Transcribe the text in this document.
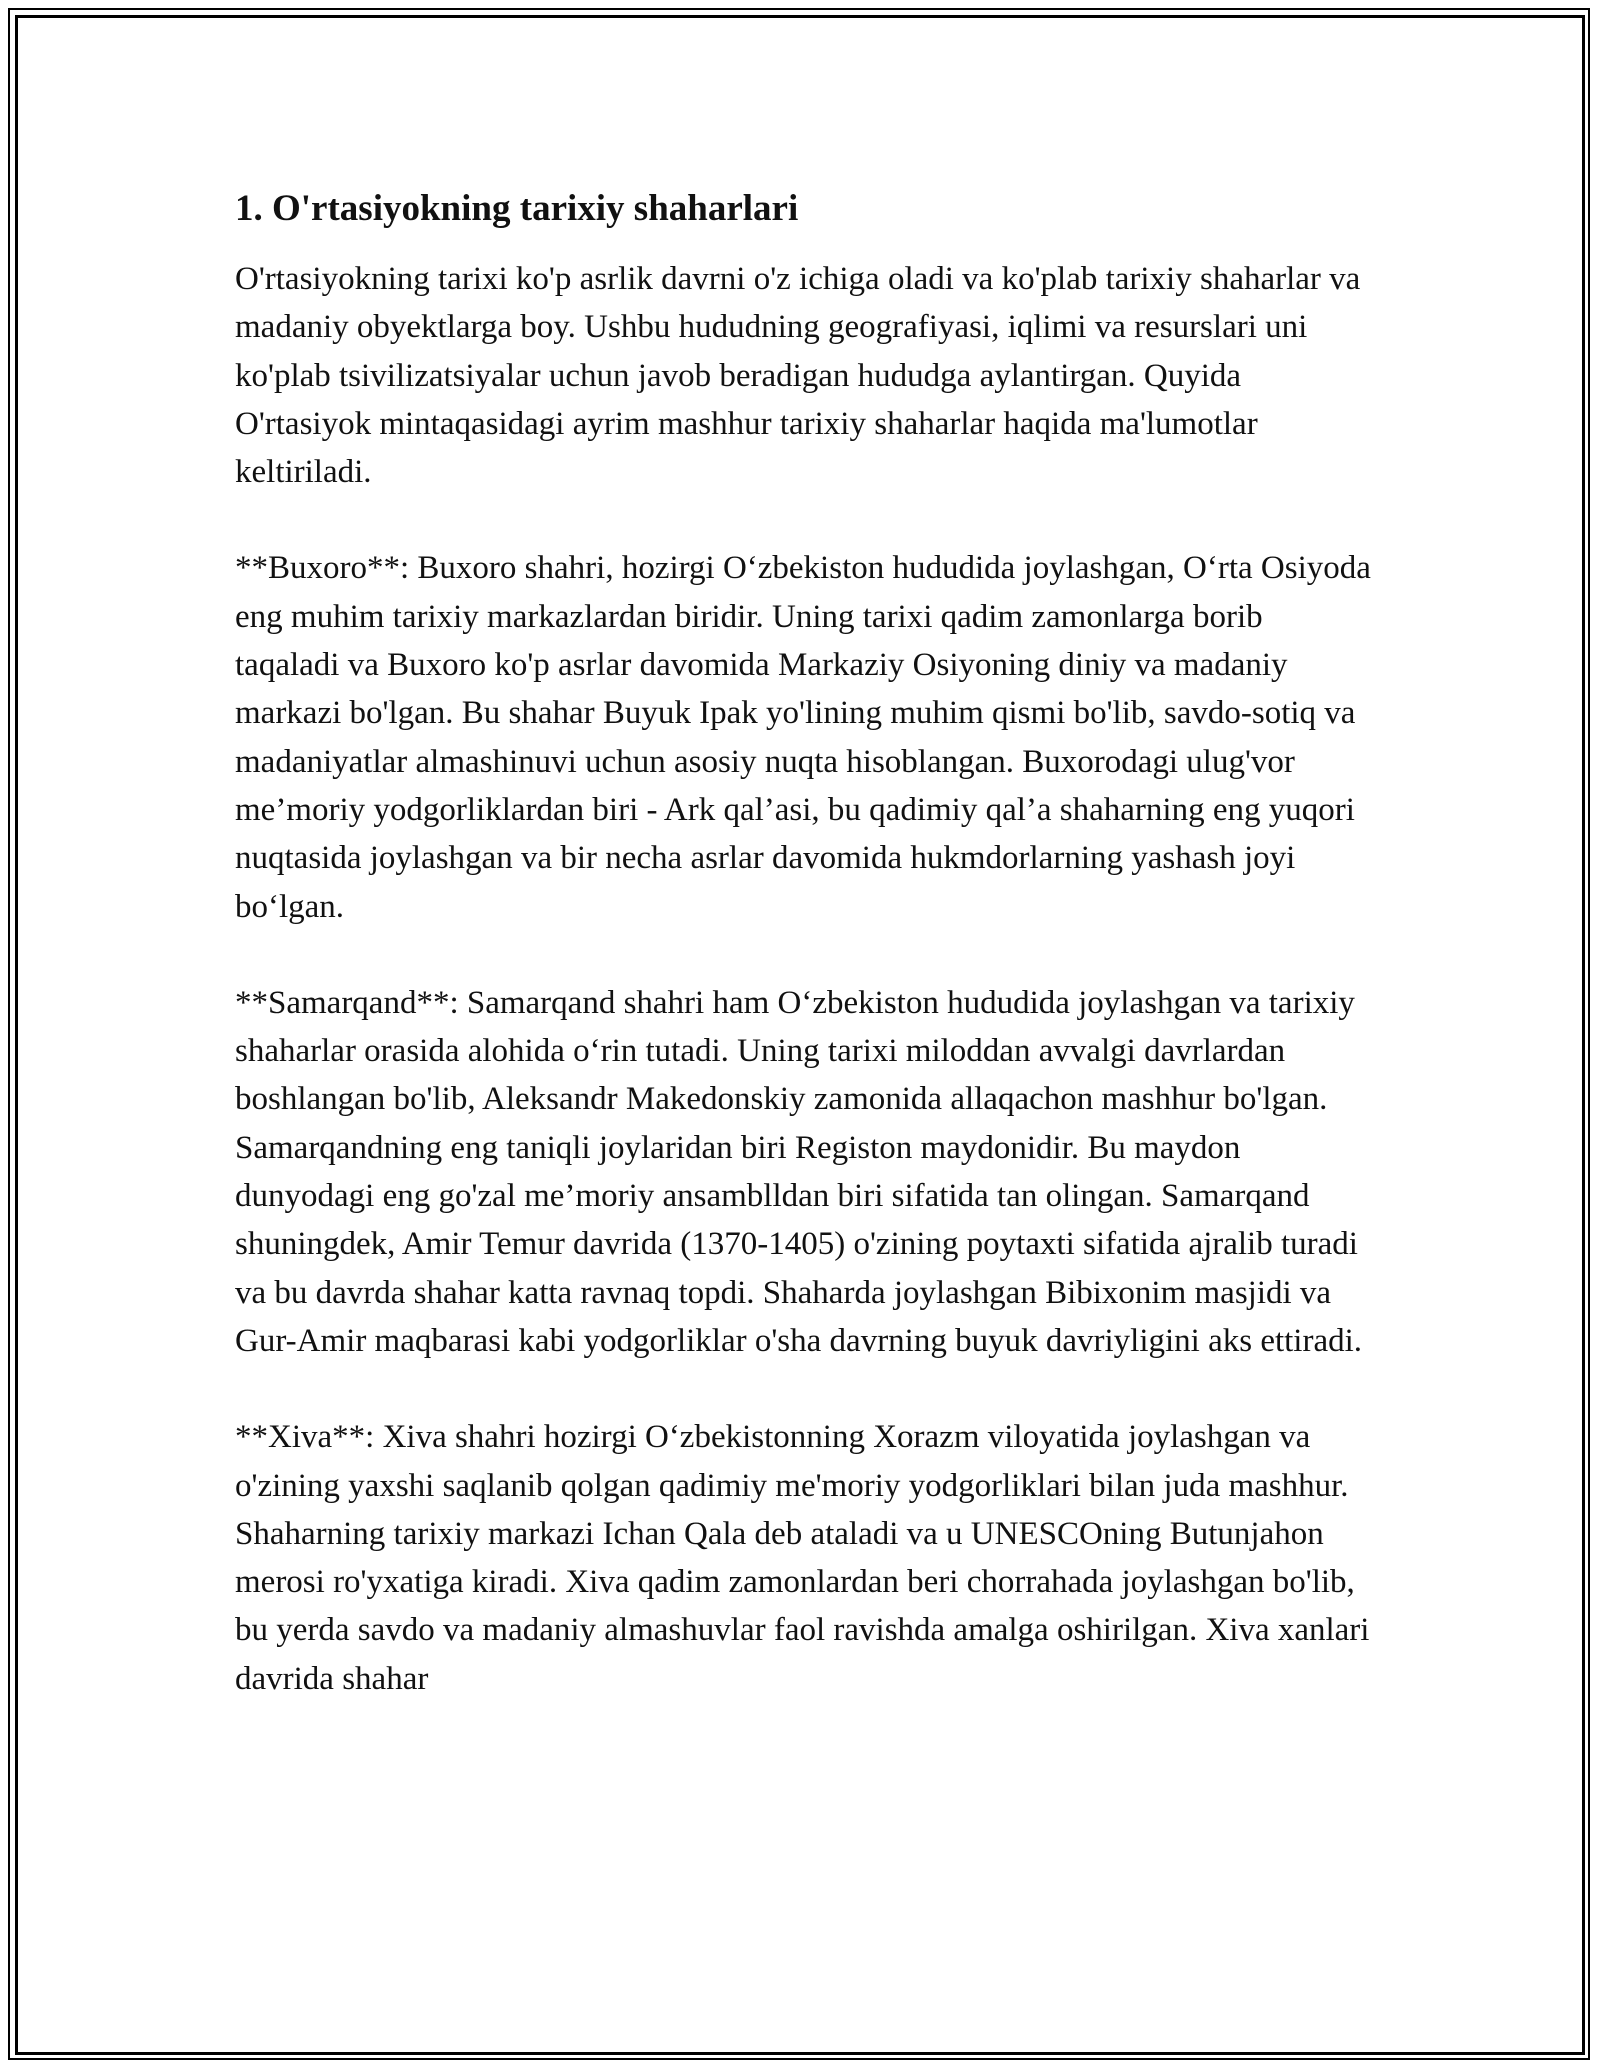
1. O'rtasiyokning tarixiy shaharlari

O'rtasiyokning tarixi ko'p asrlik davrni o'z ichiga oladi va ko'plab tarixiy shaharlar va madaniy obyektlarga boy. Ushbu hududning geografiyasi, iqlimi va resurslari uni ko'plab tsivilizatsiyalar uchun javob beradigan hududga aylantirgan. Quyida O'rtasiyok mintaqasidagi ayrim mashhur tarixiy shaharlar haqida ma'lumotlar keltiriladi.

**Buxoro**: Buxoro shahri, hozirgi O‘zbekiston hududida joylashgan, O‘rta Osiyoda eng muhim tarixiy markazlardan biridir. Uning tarixi qadim zamonlarga borib taqaladi va Buxoro ko'p asrlar davomida Markaziy Osiyoning diniy va madaniy markazi bo'lgan. Bu shahar Buyuk Ipak yo'lining muhim qismi bo'lib, savdo-sotiq va madaniyatlar almashinuvi uchun asosiy nuqta hisoblangan. Buxorodagi ulug'vor me’moriy yodgorliklardan biri - Ark qal’asi, bu qadimiy qal’a shaharning eng yuqori nuqtasida joylashgan va bir necha asrlar davomida hukmdorlarning yashash joyi bo‘lgan.

**Samarqand**: Samarqand shahri ham O‘zbekiston hududida joylashgan va tarixiy shaharlar orasida alohida o‘rin tutadi. Uning tarixi miloddan avvalgi davrlardan boshlangan bo'lib, Aleksandr Makedonskiy zamonida allaqachon mashhur bo'lgan. Samarqandning eng taniqli joylaridan biri Registon maydonidir. Bu maydon dunyodagi eng go'zal me’moriy ansamblldan biri sifatida tan olingan. Samarqand shuningdek, Amir Temur davrida (1370-1405) o'zining poytaxti sifatida ajralib turadi va bu davrda shahar katta ravnaq topdi. Shaharda joylashgan Bibixonim masjidi va Gur-Amir maqbarasi kabi yodgorliklar o'sha davrning buyuk davriyligini aks ettiradi.

**Xiva**: Xiva shahri hozirgi O‘zbekistonning Xorazm viloyatida joylashgan va o'zining yaxshi saqlanib qolgan qadimiy me'moriy yodgorliklari bilan juda mashhur. Shaharning tarixiy markazi Ichan Qala deb ataladi va u UNESCOning Butunjahon merosi ro'yxatiga kiradi. Xiva qadim zamonlardan beri chorrahada joylashgan bo'lib, bu yerda savdo va madaniy almashuvlar faol ravishda amalga oshirilgan. Xiva xanlari davrida shahar
